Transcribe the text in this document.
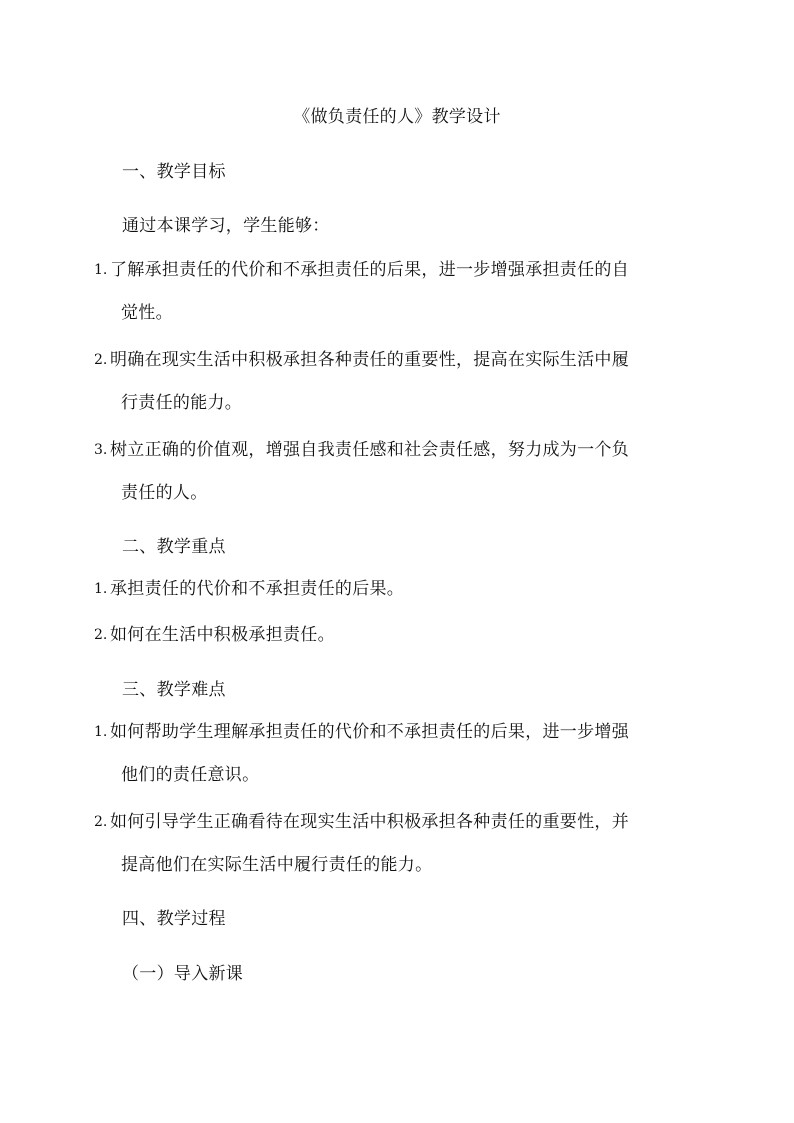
《做负责任的人》教学设计
一、教学目标
通过本课学习，学生能够：
1. 了解承担责任的代价和不承担责任的后果，进一步增强承担责任的自
觉性。
2. 明确在现实生活中积极承担各种责任的重要性，提高在实际生活中履
行责任的能力。
3. 树立正确的价值观，增强自我责任感和社会责任感，努力成为一个负
责任的人。
二、教学重点
1. 承担责任的代价和不承担责任的后果。
2. 如何在生活中积极承担责任。
三、教学难点
1. 如何帮助学生理解承担责任的代价和不承担责任的后果，进一步增强
他们的责任意识。
2. 如何引导学生正确看待在现实生活中积极承担各种责任的重要性，并
提高他们在实际生活中履行责任的能力。
四、教学过程
（一）导入新课
